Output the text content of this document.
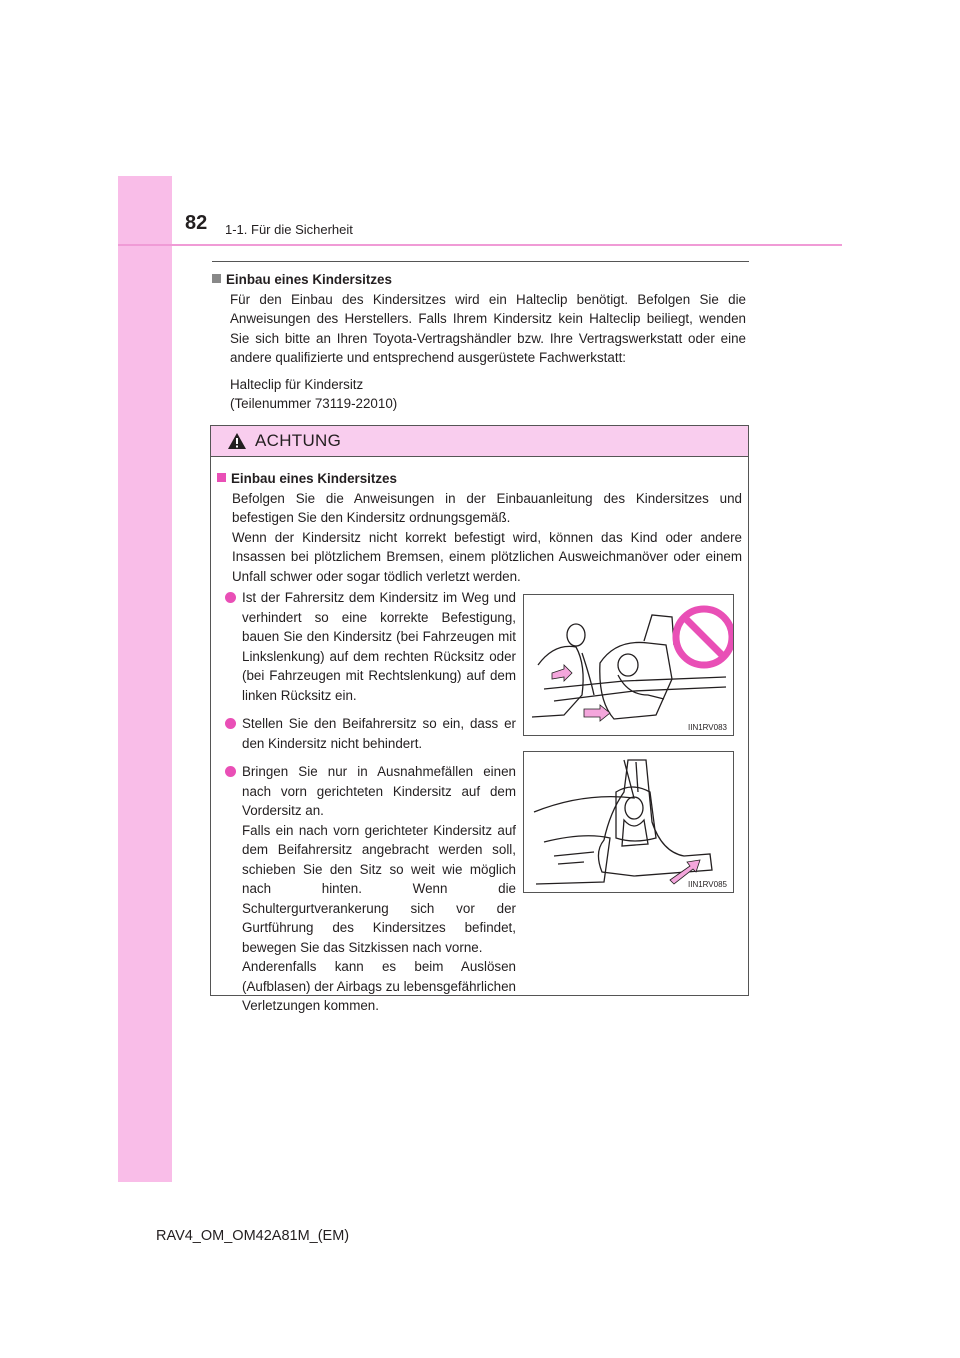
82 1-1. Für die Sicherheit
Einbau eines Kindersitzes

Für den Einbau des Kindersitzes wird ein Halteclip benötigt. Befolgen Sie die Anweisungen des Herstellers. Falls Ihrem Kindersitz kein Halteclip beiliegt, wenden Sie sich bitte an Ihren Toyota-Vertragshändler bzw. Ihre Vertragswerkstatt oder eine andere qualifizierte und entsprechend ausgerüstete Fachwerkstatt:

Halteclip für Kindersitz
(Teilenummer 73119-22010)

ACHTUNG
Einbau eines Kindersitzes

Befolgen Sie die Anweisungen in der Einbauanleitung des Kindersitzes und befestigen Sie den Kindersitz ordnungsgemäß.

Wenn der Kindersitz nicht korrekt befestigt wird, können das Kind oder andere Insassen bei plötzlichem Bremsen, einem plötzlichen Ausweichmanöver oder einem Unfall schwer oder sogar tödlich verletzt werden.

Ist der Fahrersitz dem Kindersitz im Weg und verhindert so eine korrekte Befestigung, bauen Sie den Kindersitz (bei Fahrzeugen mit Linkslenkung) auf dem rechten Rücksitz oder (bei Fahrzeugen mit Rechtslenkung) auf dem linken Rücksitz ein.
Stellen Sie den Beifahrersitz so ein, dass er den Kindersitz nicht behindert.
Bringen Sie nur in Ausnahmefällen einen nach vorn gerichteten Kindersitz auf dem Vordersitz an.
Falls ein nach vorn gerichteter Kindersitz auf dem Beifahrersitz angebracht werden soll, schieben Sie den Sitz so weit wie möglich nach hinten. Wenn die Schultergurtverankerung sich vor der Gurtführung des Kindersitzes befindet, bewegen Sie das Sitzkissen nach vorne.
Anderenfalls kann es beim Auslösen (Aufblasen) der Airbags zu lebensgefährlichen Verletzungen kommen.
IIN1RV083
IIN1RV085
RAV4_OM_OM42A81M_(EM)
